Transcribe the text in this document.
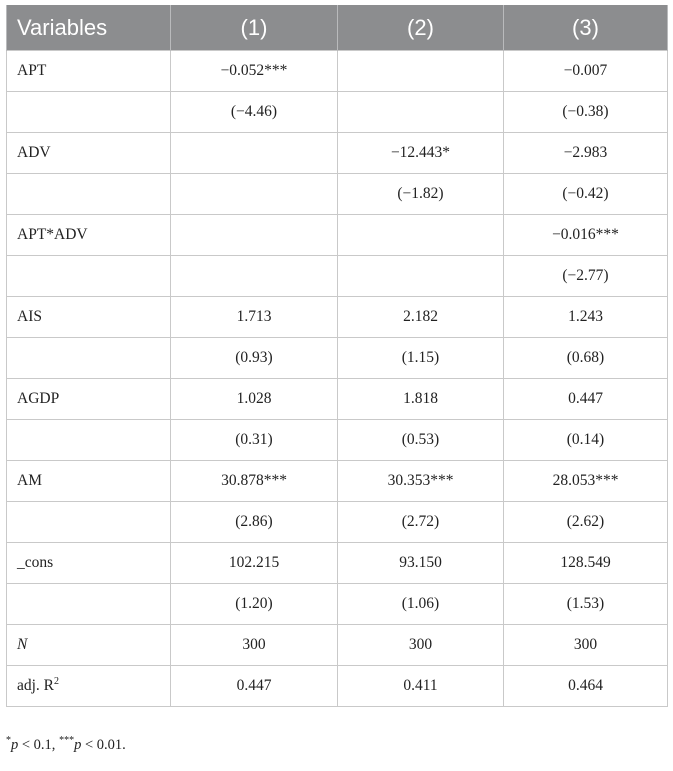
Variables	(1)	(2)	(3)
APT	−0.052***		−0.007
	(−4.46)		(−0.38)
ADV		−12.443*	−2.983
		(−1.82)	(−0.42)
APT*ADV			−0.016***
			(−2.77)
AIS	1.713	2.182	1.243
	(0.93)	(1.15)	(0.68)
AGDP	1.028	1.818	0.447
	(0.31)	(0.53)	(0.14)
AM	30.878***	30.353***	28.053***
	(2.86)	(2.72)	(2.62)
_cons	102.215	93.150	128.549
	(1.20)	(1.06)	(1.53)
N	300	300	300
adj. $R^2$	0.447	0.411	0.464
*p < 0.1, ***p < 0.01.
